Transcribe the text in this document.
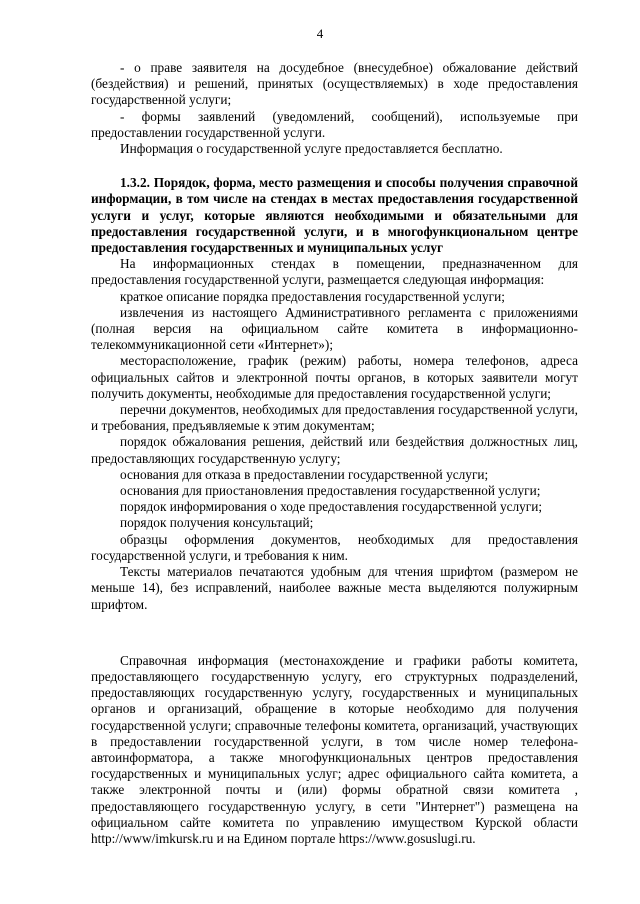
4

- о праве заявителя на досудебное (внесудебное) обжалование действий (бездействия) и решений, принятых (осуществляемых) в ходе предоставления государственной услуги;

- формы заявлений (уведомлений, сообщений), используемые при предоставлении государственной услуги.

Информация о государственной услуге предоставляется бесплатно.

1.3.2. Порядок, форма, место размещения и способы получения справочной информации, в том числе на стендах в местах предоставления государственной услуги и услуг, которые являются необходимыми и обязательными для предоставления государственной услуги, и в многофункциональном центре предоставления государственных и муниципальных услуг

На информационных стендах в помещении, предназначенном для предоставления государственной услуги, размещается следующая информация:

краткое описание порядка предоставления государственной услуги;

извлечения из настоящего Административного регламента с приложениями (полная версия на официальном сайте комитета в информационно-телекоммуникационной сети «Интернет»);

месторасположение, график (режим) работы, номера телефонов, адреса официальных сайтов и электронной почты органов, в которых заявители могут получить документы, необходимые для предоставления государственной услуги;

перечни документов, необходимых для предоставления государственной услуги, и требования, предъявляемые к этим документам;

порядок обжалования решения, действий или бездействия должностных лиц, предоставляющих государственную услугу;

основания для отказа в предоставлении государственной услуги;

основания для приостановления предоставления государственной услуги;

порядок информирования о ходе предоставления государственной услуги;

порядок получения консультаций;

образцы оформления документов, необходимых для предоставления государственной услуги, и требования к ним.

Тексты материалов печатаются удобным для чтения шрифтом (размером не меньше 14), без исправлений, наиболее важные места выделяются полужирным шрифтом.

Справочная информация (местонахождение и графики работы комитета, предоставляющего государственную услугу, его структурных подразделений, предоставляющих государственную услугу, государственных и муниципальных органов и организаций, обращение в которые необходимо для получения государственной услуги; справочные телефоны комитета, организаций, участвующих в предоставлении государственной услуги, в том числе номер телефона-автоинформатора, а также многофункциональных центров предоставления государственных и муниципальных услуг; адрес официального сайта комитета, а также электронной почты и (или) формы обратной связи комитета , предоставляющего государственную услугу, в сети "Интернет") размещена на официальном сайте комитета по управлению имуществом Курской области http://www/imkursk.ru и на Едином портале https://www.gosuslugi.ru.
